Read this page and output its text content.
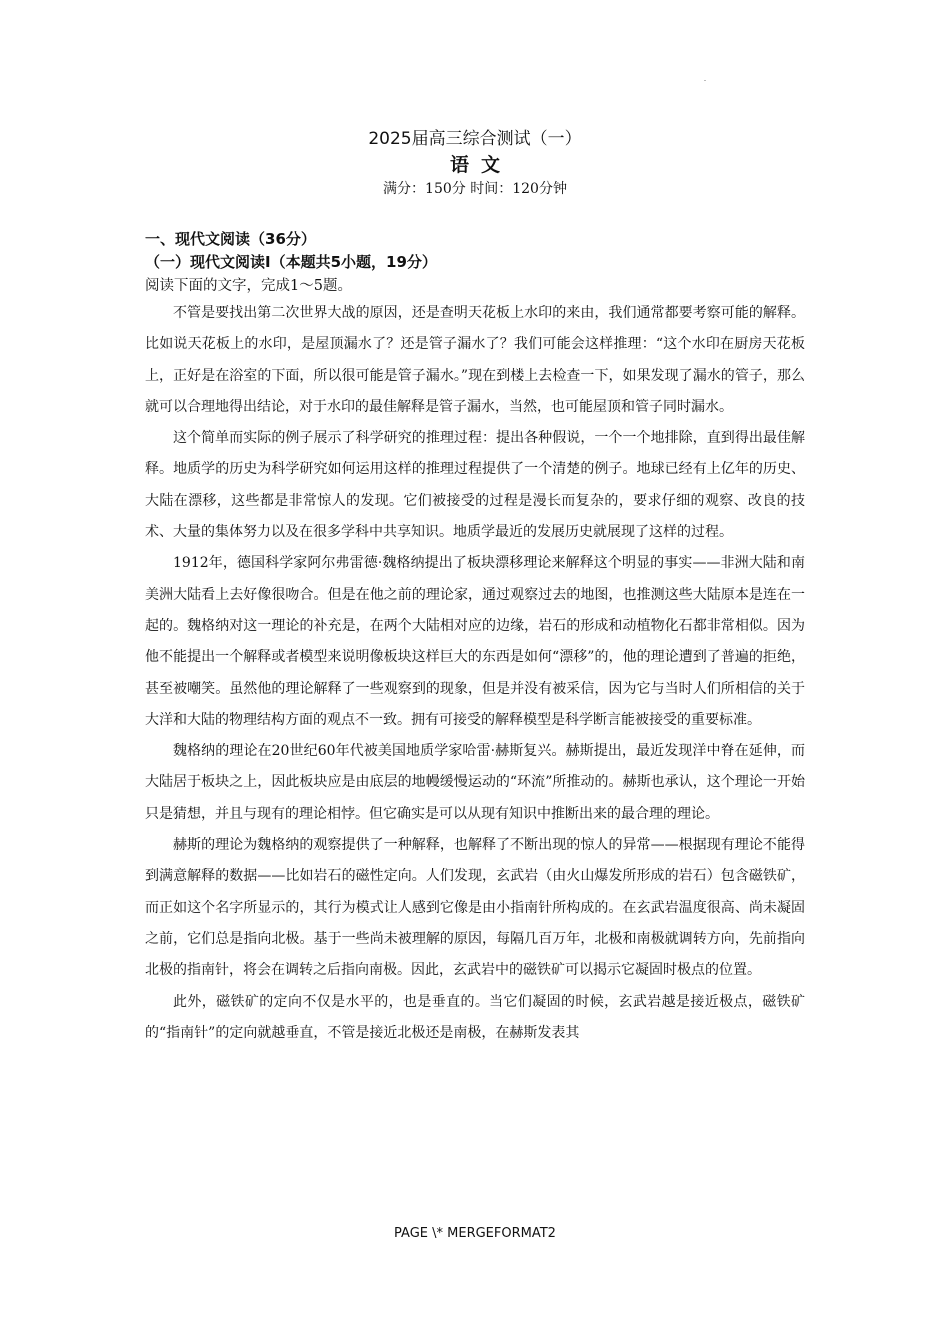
2025届高三综合测试（一）
语文
满分：150分 时间：120分钟
一、现代文阅读（36分）
（一）现代文阅读Ⅰ（本题共5小题，19分）
阅读下面的文字，完成1～5题。

不管是要找出第二次世界大战的原因，还是查明天花板上水印的来由，我们通常都要考察可能的解释。比如说天花板上的水印，是屋顶漏水了？还是管子漏水了？我们可能会这样推理：“这个水印在厨房天花板上，正好是在浴室的下面，所以很可能是管子漏水。”现在到楼上去检查一下，如果发现了漏水的管子，那么就可以合理地得出结论，对于水印的最佳解释是管子漏水，当然，也可能屋顶和管子同时漏水。

这个简单而实际的例子展示了科学研究的推理过程：提出各种假说，一个一个地排除，直到得出最佳解释。地质学的历史为科学研究如何运用这样的推理过程提供了一个清楚的例子。地球已经有上亿年的历史、大陆在漂移，这些都是非常惊人的发现。它们被接受的过程是漫长而复杂的，要求仔细的观察、改良的技术、大量的集体努力以及在很多学科中共享知识。地质学最近的发展历史就展现了这样的过程。

1912年，德国科学家阿尔弗雷德·魏格纳提出了板块漂移理论来解释这个明显的事实——非洲大陆和南美洲大陆看上去好像很吻合。但是在他之前的理论家，通过观察过去的地图，也推测这些大陆原本是连在一起的。魏格纳对这一理论的补充是，在两个大陆相对应的边缘，岩石的形成和动植物化石都非常相似。因为他不能提出一个解释或者模型来说明像板块这样巨大的东西是如何“漂移”的，他的理论遭到了普遍的拒绝，甚至被嘲笑。虽然他的理论解释了一些观察到的现象，但是并没有被采信，因为它与当时人们所相信的关于大洋和大陆的物理结构方面的观点不一致。拥有可接受的解释模型是科学断言能被接受的重要标准。

魏格纳的理论在20世纪60年代被美国地质学家哈雷·赫斯复兴。赫斯提出，最近发现洋中脊在延伸，而大陆居于板块之上，因此板块应是由底层的地幔缓慢运动的“环流”所推动的。赫斯也承认，这个理论一开始只是猜想，并且与现有的理论相悖。但它确实是可以从现有知识中推断出来的最合理的理论。

赫斯的理论为魏格纳的观察提供了一种解释，也解释了不断出现的惊人的异常——根据现有理论不能得到满意解释的数据——比如岩石的磁性定向。人们发现，玄武岩（由火山爆发所形成的岩石）包含磁铁矿，而正如这个名字所显示的，其行为模式让人感到它像是由小指南针所构成的。在玄武岩温度很高、尚未凝固之前，它们总是指向北极。基于一些尚未被理解的原因，每隔几百万年，北极和南极就调转方向，先前指向北极的指南针，将会在调转之后指向南极。因此，玄武岩中的磁铁矿可以揭示它凝固时极点的位置。

此外，磁铁矿的定向不仅是水平的，也是垂直的。当它们凝固的时候，玄武岩越是接近极点，磁铁矿的“指南针”的定向就越垂直，不管是接近北极还是南极，在赫斯发表其

PAGE \* MERGEFORMAT2
